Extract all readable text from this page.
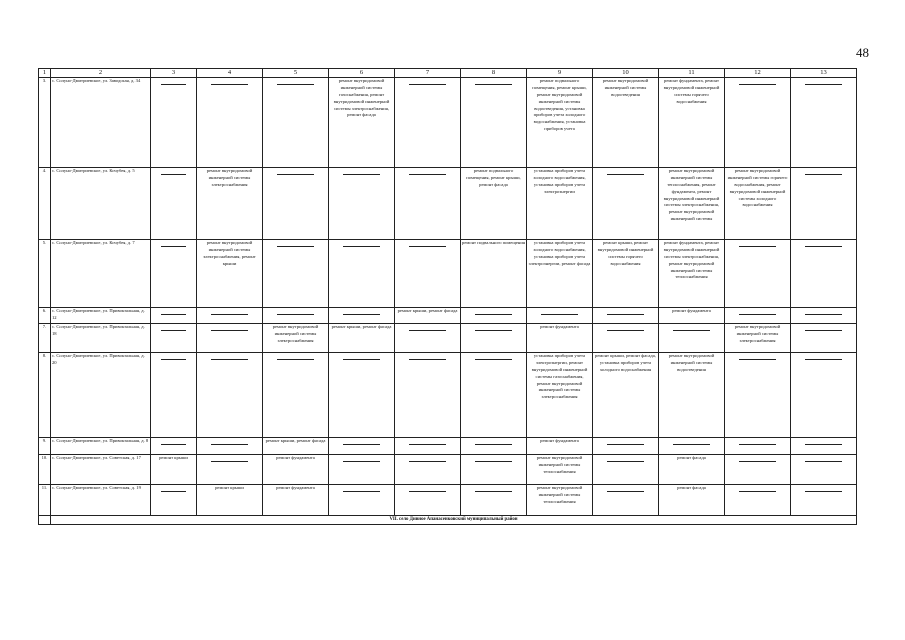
48
1	2	3	4	5	6	7	8	9	10	11	12	13
3.	с. Солуно-Дмитриевское, ул. Заводская, д. 34				ремонт внутридомовой инженерной системы газоснабжения, ремонт внутридомовой инженерной системы электроснабжения, ремонт фасада			ремонт подвального помещения, ремонт крыши, ремонт внутридомовой инженерной системы водоотведения, установка приборов учета холодного водоснабжения, установка приборов учета	ремонт внутридомовой инженерной системы водоотведения	ремонт фундамента, ремонт внутридомовой инженерной системы горячего водоснабжения	

4.	с. Солуно-Дмитриевское, ул. Кочубея, д. 5		ремонт внутридомовой инженерной системы электроснабжения				ремонт подвального помещения, ремонт крыши, ремонт фасада	установка приборов учета холодного водоснабжения, установка приборов учета электроэнергии		ремонт внутридомовой инженерной системы теплоснабжения, ремонт фундамента, ремонт внутридомовой инженерной системы электроснабжения, ремонт внутридомовой инженерной системы	ремонт внутридомовой инженерной системы горячего водоснабжения, ремонт внутридомовой инженерной системы холодного водоснабжения	

5.	с. Солуно-Дмитриевское, ул. Кочубея, д. 7		ремонт внутридомовой инженерной системы электроснабжения, ремонт крыши				ремонт подвального помещения	установка приборов учета холодного водоснабжения, установка приборов учета электроэнергии, ремонт фасада	ремонт крыши, ремонт внутридомовой инженерной системы горячего водоснабжения	ремонт фундамента, ремонт внутридомовой инженерной системы электроснабжения, ремонт внутридомовой инженерной системы теплоснабжения	

6.	с. Солуно-Дмитриевское, ул. Привокзальная, д. 12					ремонт крыши, ремонт фасада				ремонт фундамента	

7.	с. Солуно-Дмитриевское, ул. Привокзальная, д. 18			ремонт внутридомовой инженерной системы электроснабжения	ремонт крыши, ремонт фасада			ремонт фундамента			ремонт внутридомовой инженерной системы электроснабжения	

8.	с. Солуно-Дмитриевское, ул. Привокзальная, д. 20							установка приборов учета электроэнергии, ремонт внутридомовой инженерной системы газоснабжения, ремонт внутридомовой инженерной системы электроснабжения	ремонт крыши, ремонт фасада, установка приборов учета холодного водоснабжения	ремонт внутридомовой инженерной системы водоотведения	

9.	с. Солуно-Дмитриевское, ул. Привокзальная, д. 8			ремонт крыши, ремонт фасада				ремонт фундамента	

10.	с. Солуно-Дмитриевское, ул. Советская, д. 17	ремонт крыши		ремонт фундамента				ремонт внутридомовой инженерной системы теплоснабжения		ремонт фасада	

11.	с. Солуно-Дмитриевское, ул. Советская, д. 19		ремонт крыши	ремонт фундамента				ремонт внутридомовой инженерной системы теплоснабжения		ремонт фасада	

	VII. село Дивное Апанасенковский муниципальный район											
